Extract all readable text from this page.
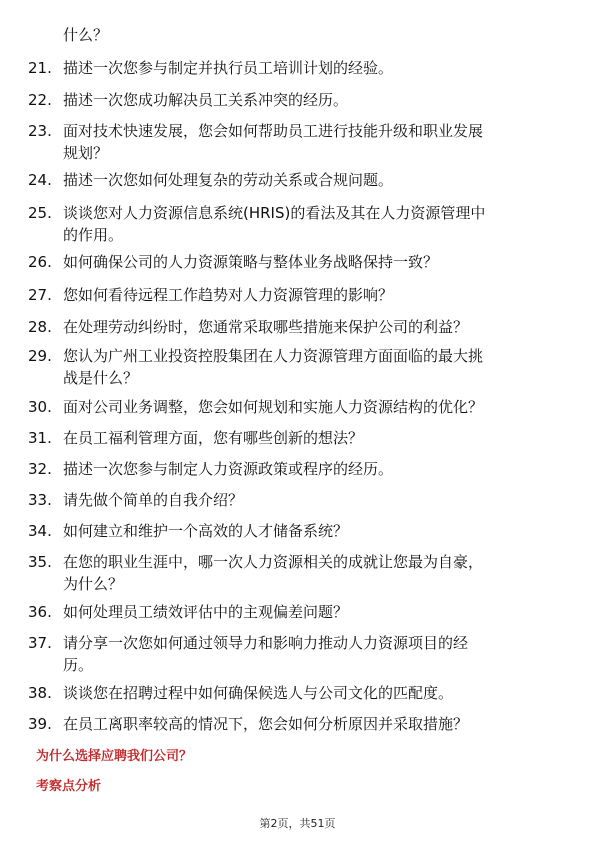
什么？
21. 描述一次您参与制定并执行员工培训计划的经验。
22. 描述一次您成功解决员工关系冲突的经历。
23. 面对技术快速发展，您会如何帮助员工进行技能升级和职业发展
规划？
24. 描述一次您如何处理复杂的劳动关系或合规问题。
25. 谈谈您对人力资源信息系统(HRIS)的看法及其在人力资源管理中
的作用。
26. 如何确保公司的人力资源策略与整体业务战略保持一致？
27. 您如何看待远程工作趋势对人力资源管理的影响？
28. 在处理劳动纠纷时，您通常采取哪些措施来保护公司的利益？
29. 您认为广州工业投资控股集团在人力资源管理方面面临的最大挑
战是什么？
30. 面对公司业务调整，您会如何规划和实施人力资源结构的优化？
31. 在员工福利管理方面，您有哪些创新的想法？
32. 描述一次您参与制定人力资源政策或程序的经历。
33. 请先做个简单的自我介绍？
34. 如何建立和维护一个高效的人才储备系统？
35. 在您的职业生涯中，哪一次人力资源相关的成就让您最为自豪，
为什么？
36. 如何处理员工绩效评估中的主观偏差问题？
37. 请分享一次您如何通过领导力和影响力推动人力资源项目的经
历。
38. 谈谈您在招聘过程中如何确保候选人与公司文化的匹配度。
39. 在员工离职率较高的情况下，您会如何分析原因并采取措施？
为什么选择应聘我们公司？
考察点分析
第2页，共51页
